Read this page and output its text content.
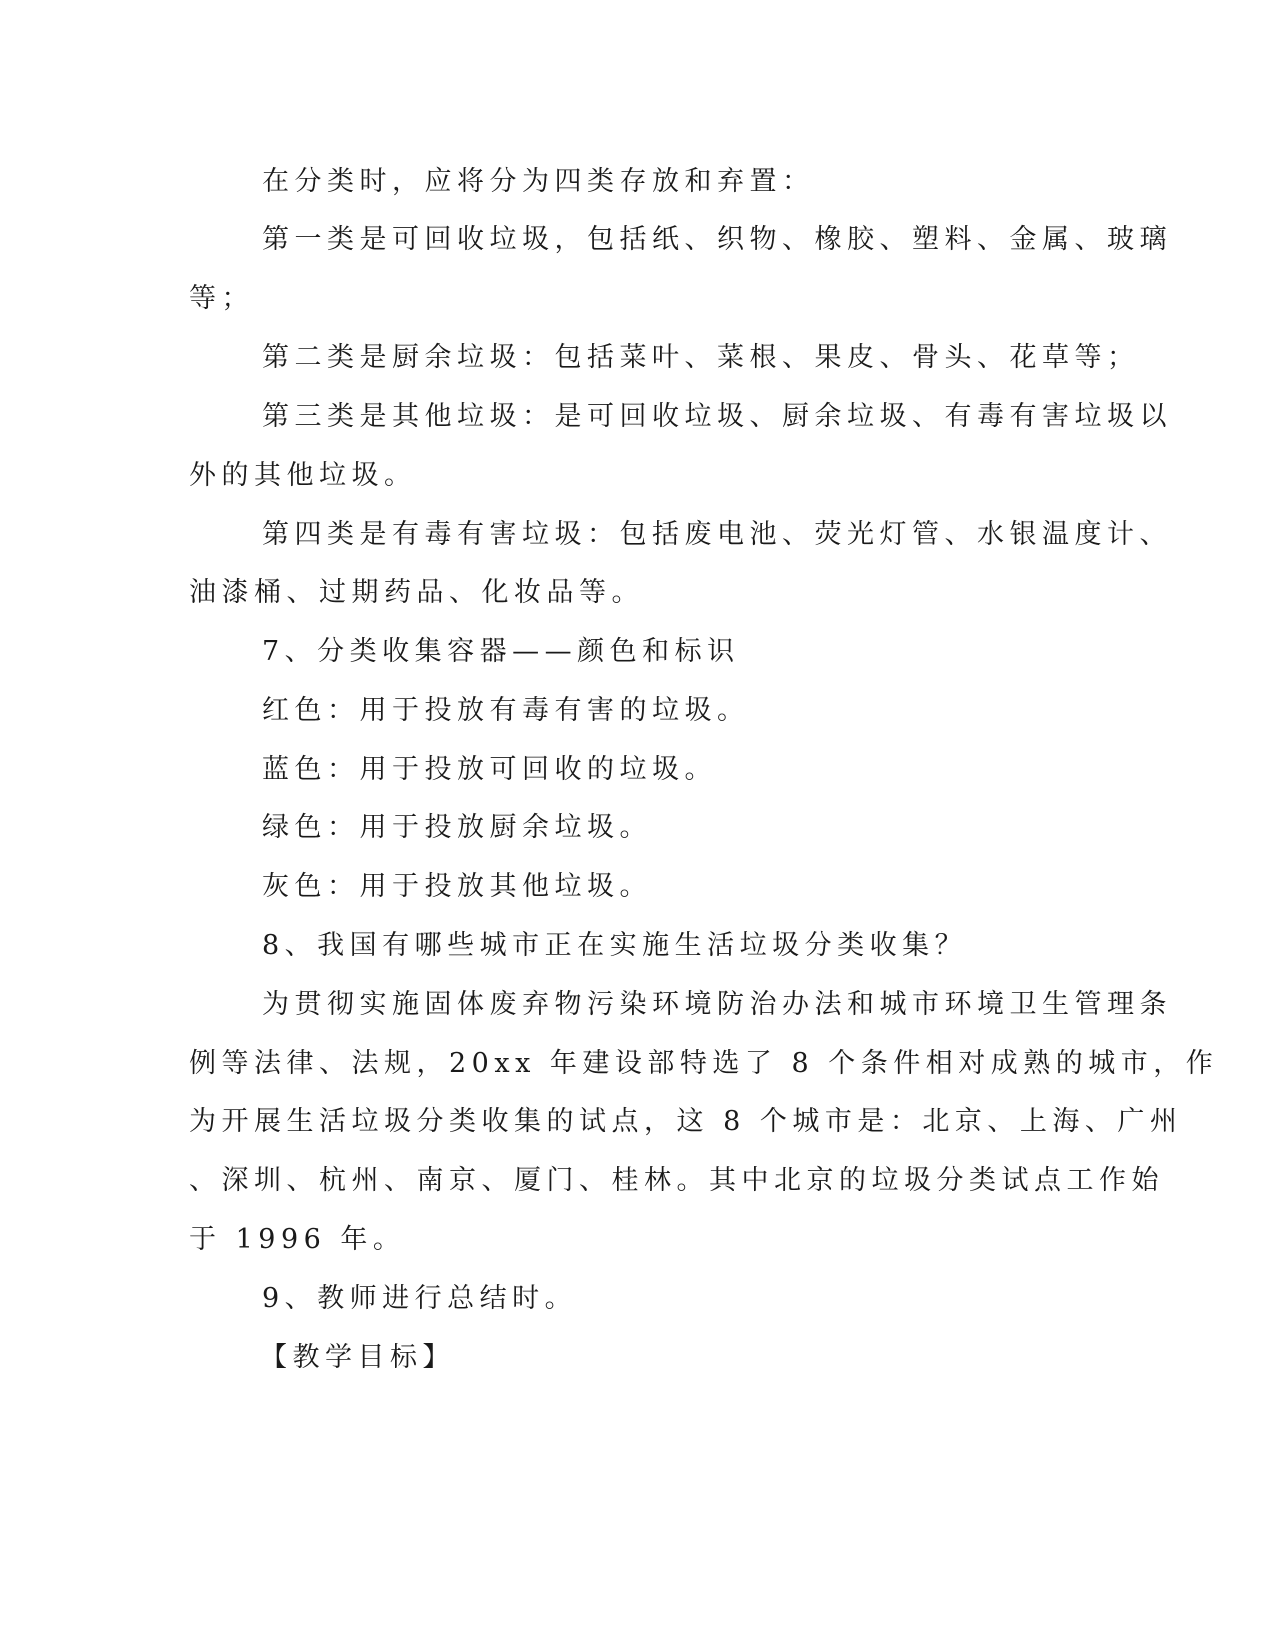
在分类时，应将分为四类存放和弃置：
第一类是可回收垃圾，包括纸、织物、橡胶、塑料、金属、玻璃
等；
第二类是厨余垃圾：包括菜叶、菜根、果皮、骨头、花草等；
第三类是其他垃圾：是可回收垃圾、厨余垃圾、有毒有害垃圾以
外的其他垃圾。
第四类是有毒有害垃圾：包括废电池、荧光灯管、水银温度计、
油漆桶、过期药品、化妆品等。
7、分类收集容器——颜色和标识
红色：用于投放有毒有害的垃圾。
蓝色：用于投放可回收的垃圾。
绿色：用于投放厨余垃圾。
灰色：用于投放其他垃圾。
8、我国有哪些城市正在实施生活垃圾分类收集？
为贯彻实施固体废弃物污染环境防治办法和城市环境卫生管理条
例等法律、法规，20xx 年建设部特选了 8 个条件相对成熟的城市，作
为开展生活垃圾分类收集的试点，这 8 个城市是：北京、上海、广州
、深圳、杭州、南京、厦门、桂林。其中北京的垃圾分类试点工作始
于 1996 年。
9、教师进行总结时。
【教学目标】
